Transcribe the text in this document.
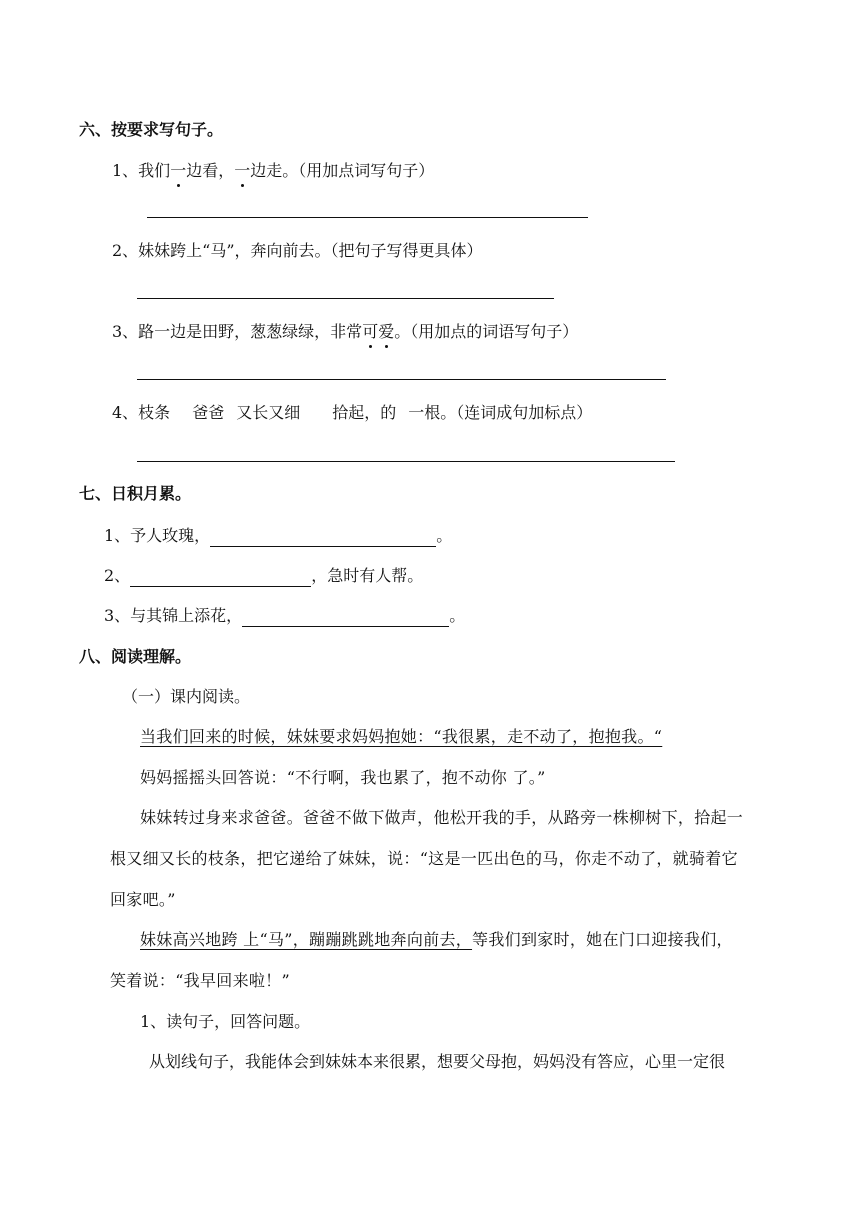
六、按要求写句子。
1、我们一边看，一边走。（用加点词写句子）
2、妹妹跨上“马”，奔向前去。（把句子写得更具体）
3、路一边是田野，葱葱绿绿，非常可爱。（用加点的词语写句子）
4、枝条 爸爸 又长又细 拾起，的 一根。（连词成句加标点）
七、日积月累。
1、予人玫瑰，	。
2、	，急时有人帮。
3、与其锦上添花，	。
八、阅读理解。
（一）课内阅读。
当我们回来的时候，妹妹要求妈妈抱她：“我很累，走不动了，抱抱我。“
妈妈摇摇头回答说：“不行啊，我也累了，抱不动你 了。”
妹妹转过身来求爸爸。爸爸不做下做声，他松开我的手，从路旁一株柳树下，拾起一
根又细又长的枝条，把它递给了妹妹，说：“这是一匹出色的马，你走不动了，就骑着它
回家吧。”
妹妹高兴地跨 上“马”，蹦蹦跳跳地奔向前去，等我们到家时，她在门口迎接我们，
笑着说：“我早回来啦！”
1、读句子，回答问题。
从划线句子，我能体会到妹妹本来很累，想要父母抱，妈妈没有答应，心里一定很
